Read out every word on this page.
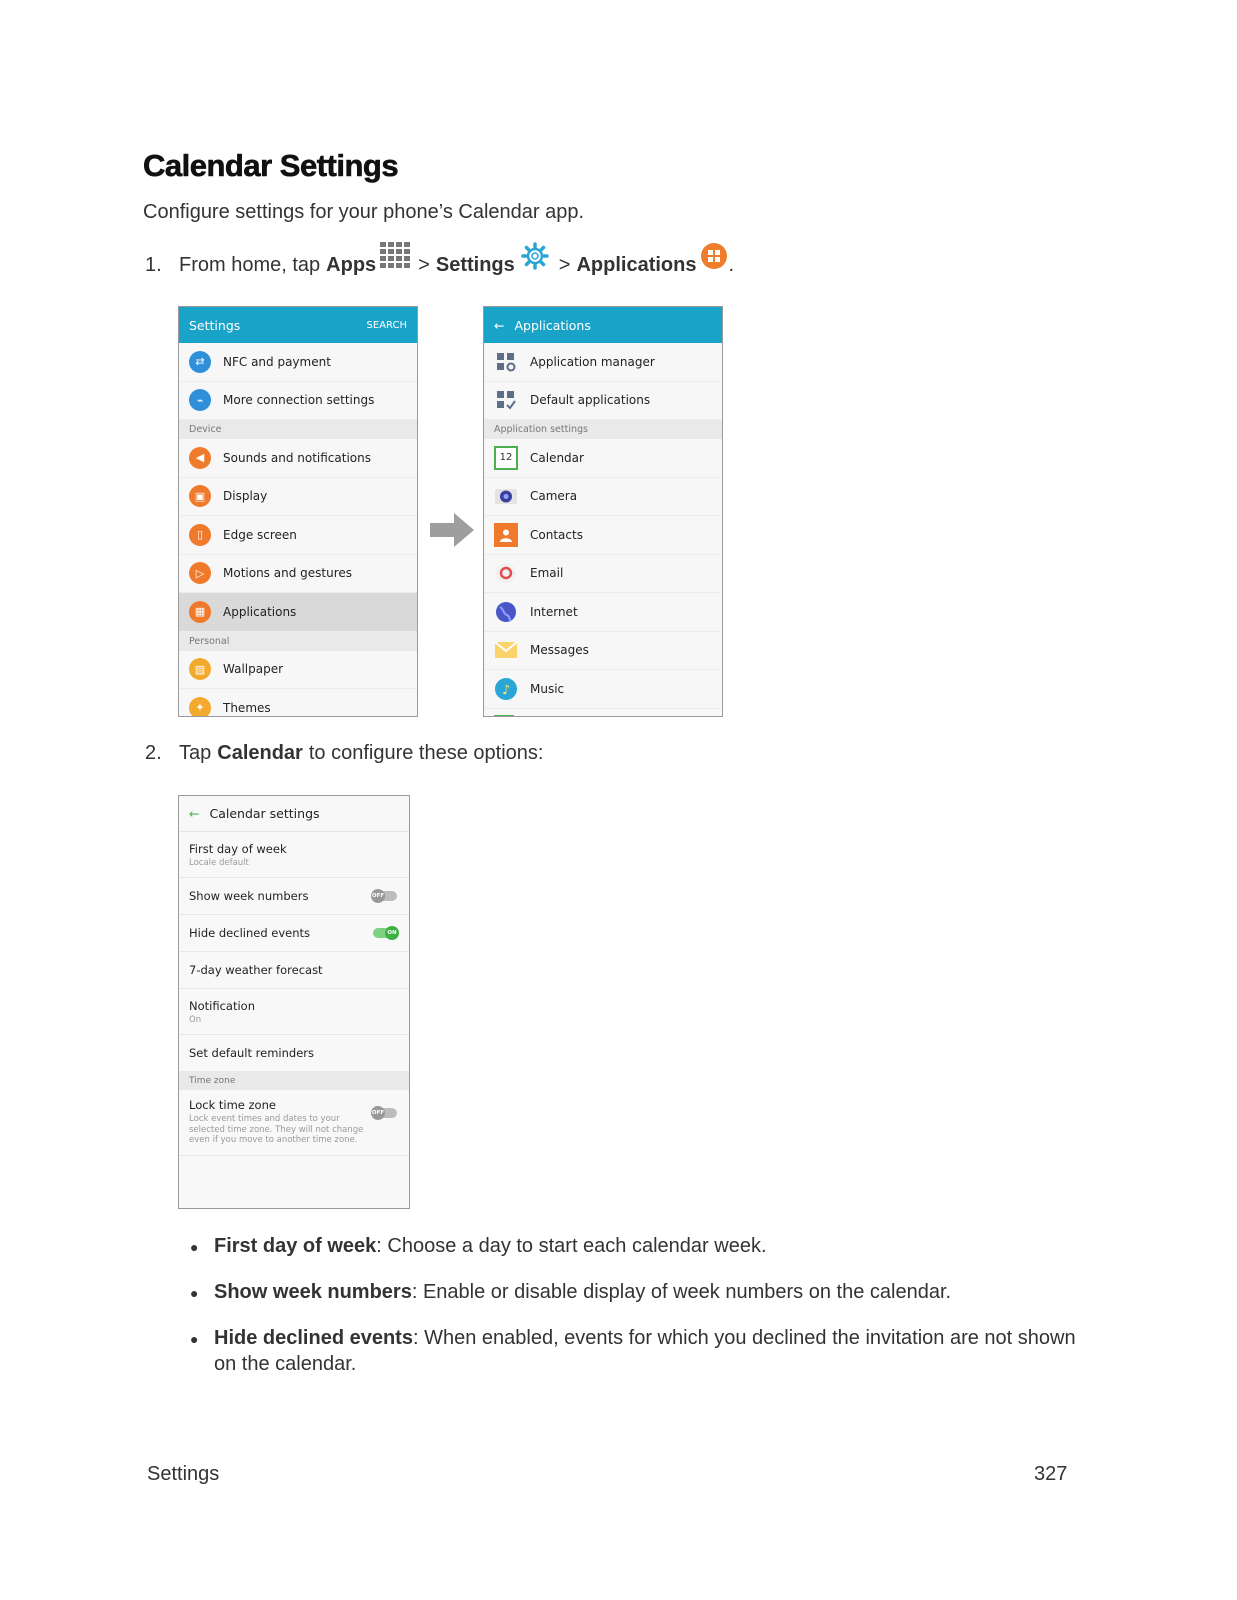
Calendar Settings

Configure settings for your phone’s Calendar app.

1. From home, tap Apps > Settings > Applications .
Settings	SEARCH
⇄	NFC and payment
⌁	More connection settings
Device
◀	Sounds and notifications
▣	Display
▯	Edge screen
▷	Motions and gestures
▦	Applications
Personal
▨	Wallpaper
✦	Themes
← Applications
Application manager
Default applications
Application settings
12	Calendar
Camera
Contacts
Email
Internet
Messages
♪ Music
2. Tap Calendar to configure these options:
← Calendar settings
First day of week
Locale default
Show week numbers	OFF
Hide declined events	ON
7-day weather forecast
Notification
On
Set default reminders
Time zone
Lock time zone
Lock event times and dates to your selected time zone. They will not change even if you move to another time zone.
OFF
● First day of week: Choose a day to start each calendar week.
● Show week numbers: Enable or disable display of week numbers on the calendar.
● Hide declined events: When enabled, events for which you declined the invitation are not shown on the calendar.
Settings	327
